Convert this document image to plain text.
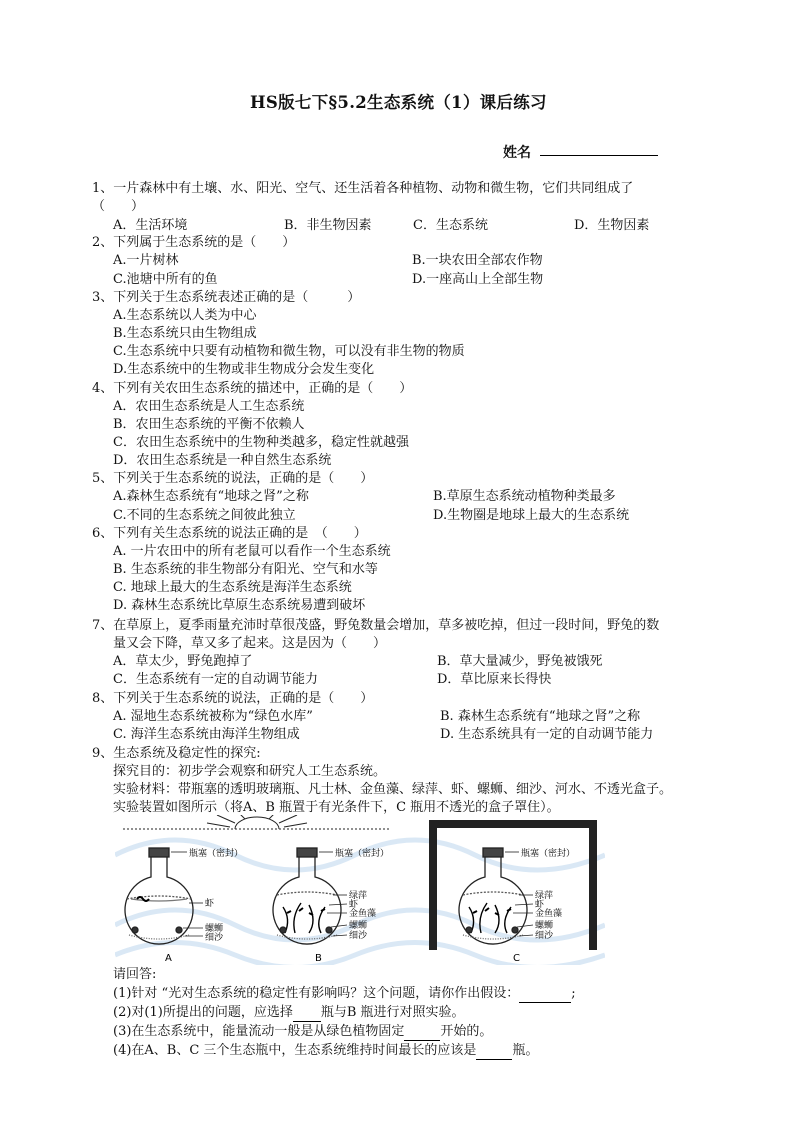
HS版七下§5.2生态系统（1）课后练习
姓名
1、一片森林中有土壤、水、阳光、空气、还生活着各种植物、动物和微生物，它们共同组成了
（　　）
A．生活环境	B．非生物因素	C．生态系统	D．生物因素
2、下列属于生态系统的是（　　）
A.一片树林	B.一块农田全部农作物
C.池塘中所有的鱼	D.一座高山上全部生物
3、下列关于生态系统表述正确的是（　　　）
A.生态系统以人类为中心
B.生态系统只由生物组成
C.生态系统中只要有动植物和微生物，可以没有非生物的物质
D.生态系统中的生物或非生物成分会发生变化
4、下列有关农田生态系统的描述中，正确的是（　　）
A．农田生态系统是人工生态系统
B．农田生态系统的平衡不依赖人
C．农田生态系统中的生物种类越多，稳定性就越强
D．农田生态系统是一种自然生态系统
5、下列关于生态系统的说法，正确的是（　　）
A.森林生态系统有“地球之肾”之称	B.草原生态系统动植物种类最多
C.不同的生态系统之间彼此独立	D.生物圈是地球上最大的生态系统
6、下列有关生态系统的说法正确的是　（　　）
A. 一片农田中的所有老鼠可以看作一个生态系统
B. 生态系统的非生物部分有阳光、空气和水等
C. 地球上最大的生态系统是海洋生态系统
D. 森林生态系统比草原生态系统易遭到破坏
7、在草原上，夏季雨量充沛时草很茂盛，野兔数量会增加，草多被吃掉，但过一段时间，野兔的数
量又会下降，草又多了起来。这是因为（　　）
A．草太少，野兔跑掉了	B．草大量减少，野兔被饿死
C．生态系统有一定的自动调节能力	D．草比原来长得快
8、下列关于生态系统的说法，正确的是（　　）
A. 湿地生态系统被称为“绿色水库”	B. 森林生态系统有“地球之肾”之称
C. 海洋生态系统由海洋生物组成	D. 生态系统具有一定的自动调节能力
9、生态系统及稳定性的探究:
探究目的：初步学会观察和研究人工生态系统。
实验材料：带瓶塞的透明玻璃瓶、凡士林、金鱼藻、绿萍、虾、螺蛳、细沙、河水、不透光盒子。
实验装置如图所示（将A、B 瓶置于有光条件下，C 瓶用不透光的盒子罩住）。
瓶塞（密封）
虾
螺蛳
细沙
A
瓶塞（密封）
绿萍
虾
金鱼藻
螺蛳
细沙
B
瓶塞（密封）
绿萍
虾
金鱼藻
螺蛳
细沙
C
请回答:
(1)针对 “光对生态系统的稳定性有影响吗？这个问题，请你作出假设：	;
(2)对(1)所提出的问题，应选择 瓶与B 瓶进行对照实验。
(3)在生态系统中，能量流动一般是从绿色植物固定	开始的。
(4)在A、B、C 三个生态瓶中，生态系统维持时间最长的应该是	瓶。
